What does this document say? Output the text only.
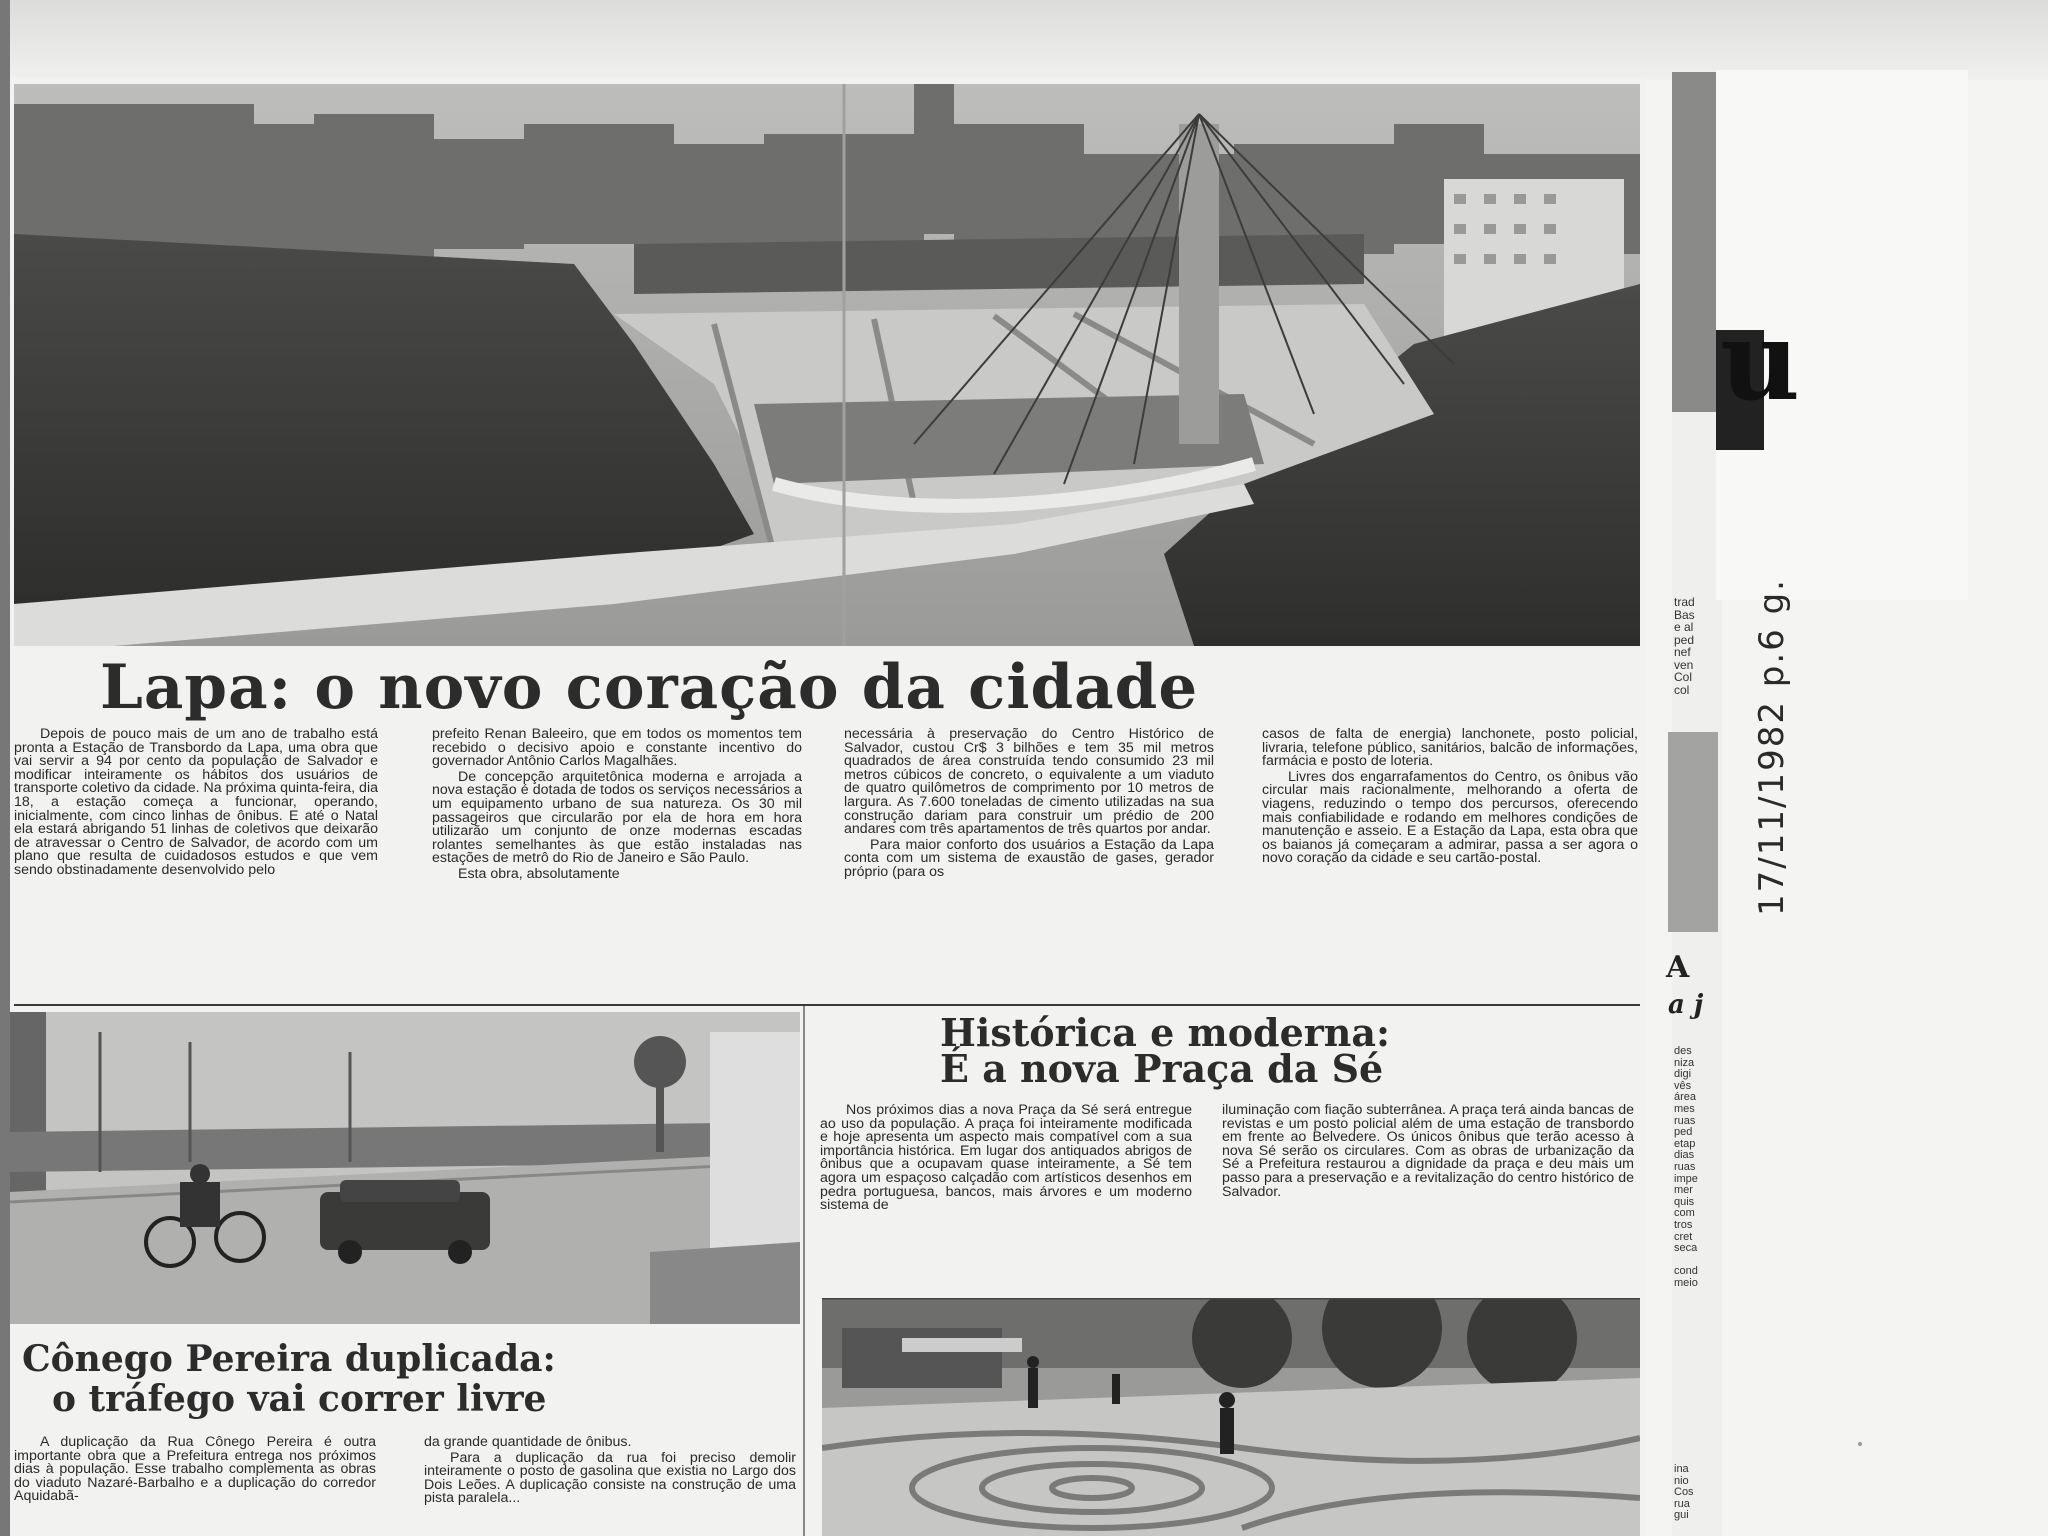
Lapa: o novo coração da cidade

Depois de pouco mais de um ano de trabalho está pronta a Estação de Transbordo da Lapa, uma obra que vai servir a 94 por cento da população de Salvador e modificar inteiramente os hábitos dos usuários de transporte coletivo da cidade. Na próxima quinta-feira, dia 18, a estação começa a funcionar, operando, inicialmente, com cinco linhas de ônibus. E até o Natal ela estará abrigando 51 linhas de coletivos que deixarão de atravessar o Centro de Salvador, de acordo com um plano que resulta de cuidadosos estudos e que vem sendo obstinadamente desenvolvido pelo

prefeito Renan Baleeiro, que em todos os momentos tem recebido o decisivo apoio e constante incentivo do governador Antônio Carlos Magalhães.

De concepção arquitetônica moderna e arrojada a nova estação é dotada de todos os serviços necessários a um equipamento urbano de sua natureza. Os 30 mil passageiros que circularão por ela de hora em hora utilizarão um conjunto de onze modernas escadas rolantes semelhantes às que estão instaladas nas estações de metrô do Rio de Janeiro e São Paulo.

Esta obra, absolutamente

necessária à preservação do Centro Histórico de Salvador, custou Cr$ 3 bilhões e tem 35 mil metros quadrados de área construída tendo consumido 23 mil metros cúbicos de concreto, o equivalente a um viaduto de quatro quilômetros de comprimento por 10 metros de largura. As 7.600 toneladas de cimento utilizadas na sua construção dariam para construir um prédio de 200 andares com três apartamentos de três quartos por andar.

Para maior conforto dos usuários a Estação da Lapa conta com um sistema de exaustão de gases, gerador próprio (para os

casos de falta de energia) lanchonete, posto policial, livraria, telefone público, sanitários, balcão de informações, farmácia e posto de loteria.

Livres dos engarrafamentos do Centro, os ônibus vão circular mais racionalmente, melhorando a oferta de viagens, reduzindo o tempo dos percursos, oferecendo mais confiabilidade e rodando em melhores condições de manutenção e asseio. E a Estação da Lapa, esta obra que os baianos já começaram a admirar, passa a ser agora o novo coração da cidade e seu cartão-postal.

Cônego Pereira duplicada:
o tráfego vai correr livre

A duplicação da Rua Cônego Pereira é outra importante obra que a Prefeitura entrega nos próximos dias à população. Esse trabalho complementa as obras do viaduto Nazaré-Barbalho e a duplicação do corredor Aquidabã-

da grande quantidade de ônibus.

Para a duplicação da rua foi preciso demolir inteiramente o posto de gasolina que existia no Largo dos Dois Leões. A duplicação consiste na construção de uma pista paralela...

Histórica e moderna:
É a nova Praça da Sé

Nos próximos dias a nova Praça da Sé será entregue ao uso da população. A praça foi inteiramente modificada e hoje apresenta um aspecto mais compatível com a sua importância histórica. Em lugar dos antiquados abrigos de ônibus que a ocupavam quase inteiramente, a Sé tem agora um espaçoso calçadão com artísticos desenhos em pedra portuguesa, bancos, mais árvores e um moderno sistema de

iluminação com fiação subterrânea. A praça terá ainda bancas de revistas e um posto policial além de uma estação de transbordo em frente ao Belvedere. Os únicos ônibus que terão acesso à nova Sé serão os circulares. Com as obras de urbanização da Sé a Prefeitura restaurou a dignidade da praça e deu mais um passo para a preservação e a revitalização do centro histórico de Salvador.

u
trad
Bas
e al
ped
nef
ven
Col
col
A
a j
des
niza
digi
vês
área
mes
ruas
ped
etap
dias
ruas
impe
mer
quis
com
tros
cret
seca

cond
meio
ina
nio
Cos
rua
gui
17/11/1982 p.6 g.
